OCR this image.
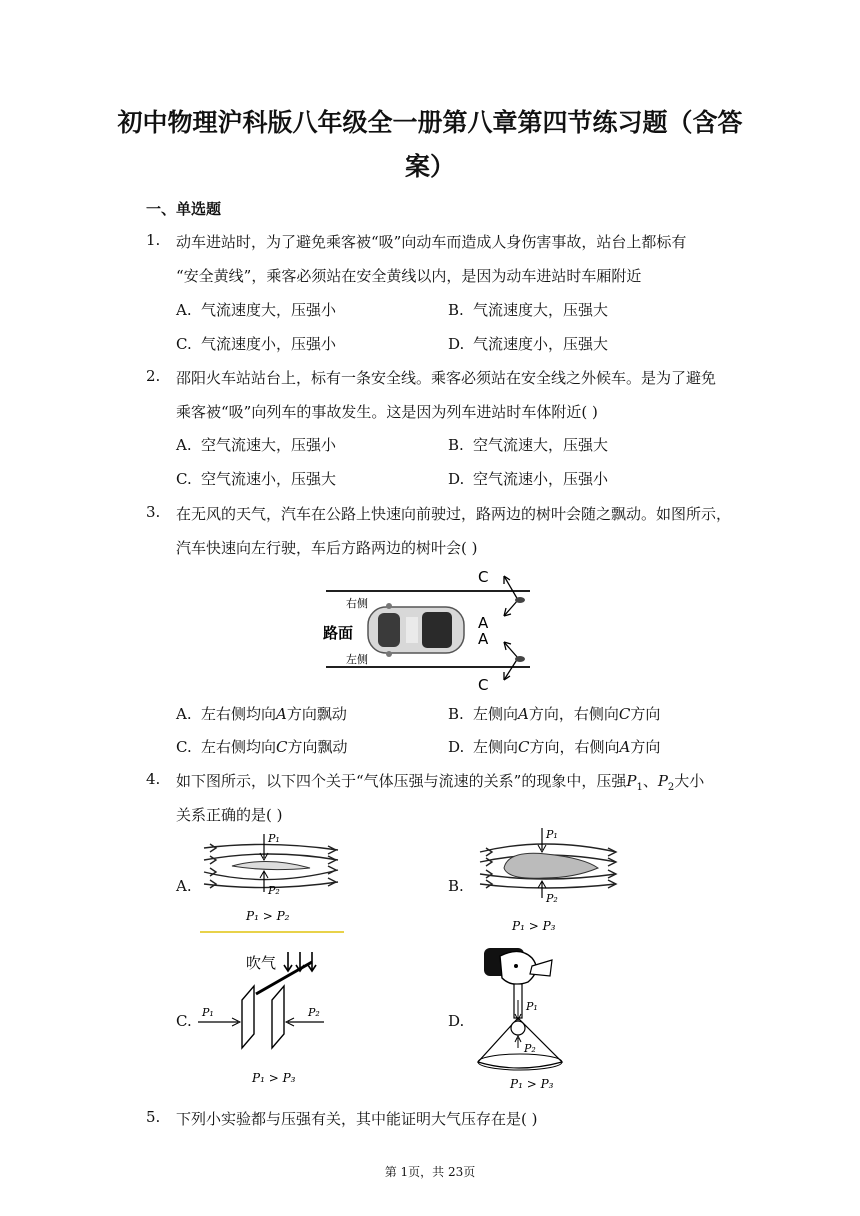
初中物理沪科版八年级全一册第八章第四节练习题（含答
案）
一、单选题
1. 动车进站时，为了避免乘客被“吸”向动车而造成人身伤害事故，站台上都标有
“安全黄线”，乘客必须站在安全黄线以内，是因为动车进站时车厢附近
A. 气流速度大，压强小	B. 气流速度大，压强大
C. 气流速度小，压强小	D. 气流速度小，压强大
2. 邵阳火车站站台上，标有一条安全线。乘客必须站在安全线之外候车。是为了避免
乘客被“吸”向列车的事故发生。这是因为列车进站时车体附近( )
A. 空气流速大，压强小	B. 空气流速大，压强大
C. 空气流速小，压强大	D. 空气流速小，压强小
3. 在无风的天气，汽车在公路上快速向前驶过，路两边的树叶会随之飘动。如图所示，
汽车快速向左行驶，车后方路两边的树叶会( )
路面
右侧
左侧
C
A
A
C
A. 左右侧均向A方向飘动	B. 左侧向A方向，右侧向C方向
C. 左右侧均向C方向飘动	D. 左侧向C方向，右侧向A方向
4. 如下图所示，以下四个关于“气体压强与流速的关系”的现象中，压强$P_1$、$P_2$大小
关系正确的是( )
A.	B.
C.	D.
P₁
P₂
P₁ > P₂
P₁
P₂
P₁ > P₃
吹气
P₁	P₂
P₁ > P₃
P₁
P₂
P₁ > P₃
5. 下列小实验都与压强有关，其中能证明大气压存在是( )
第 1页，共 23页
